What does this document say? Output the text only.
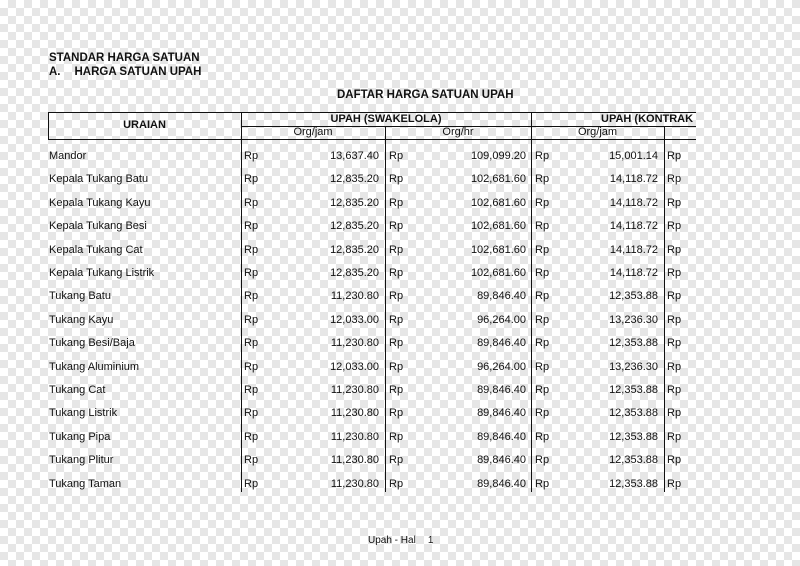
STANDAR HARGA SATUAN
A. HARGA SATUAN UPAH
DAFTAR HARGA SATUAN UPAH
URAIAN	UPAH (SWAKELOLA)	UPAH (KONTRAK
Org/jam	Org/hr	Org/jam
Mandor	Rp	13,637.40 Rp	109,099.20 Rp	15,001.14 Rp
Kepala Tukang Batu	Rp	12,835.20 Rp	102,681.60 Rp	14,118.72 Rp
Kepala Tukang Kayu	Rp	12,835.20 Rp	102,681.60 Rp	14,118.72 Rp
Kepala Tukang Besi	Rp	12,835.20 Rp	102,681.60 Rp	14,118.72 Rp
Kepala Tukang Cat	Rp	12,835.20 Rp	102,681.60 Rp	14,118.72 Rp
Kepala Tukang Listrik	Rp	12,835.20 Rp	102,681.60 Rp	14,118.72 Rp
Tukang Batu	Rp	11,230.80 Rp	89,846.40 Rp	12,353.88 Rp
Tukang Kayu	Rp	12,033.00 Rp	96,264.00 Rp	13,236.30 Rp
Tukang Besi/Baja	Rp	11,230.80 Rp	89,846.40 Rp	12,353.88 Rp
Tukang Aluminium	Rp	12,033.00 Rp	96,264.00 Rp	13,236.30 Rp
Tukang Cat	Rp	11,230.80 Rp	89,846.40 Rp	12,353.88 Rp
Tukang Listrik	Rp	11,230.80 Rp	89,846.40 Rp	12,353.88 Rp
Tukang Pipa	Rp	11,230.80 Rp	89,846.40 Rp	12,353.88 Rp
Tukang Plitur	Rp	11,230.80 Rp	89,846.40 Rp	12,353.88 Rp
Tukang Taman	Rp	11,230.80 Rp	89,846.40 Rp	12,353.88 Rp
Upah - Hal 1
